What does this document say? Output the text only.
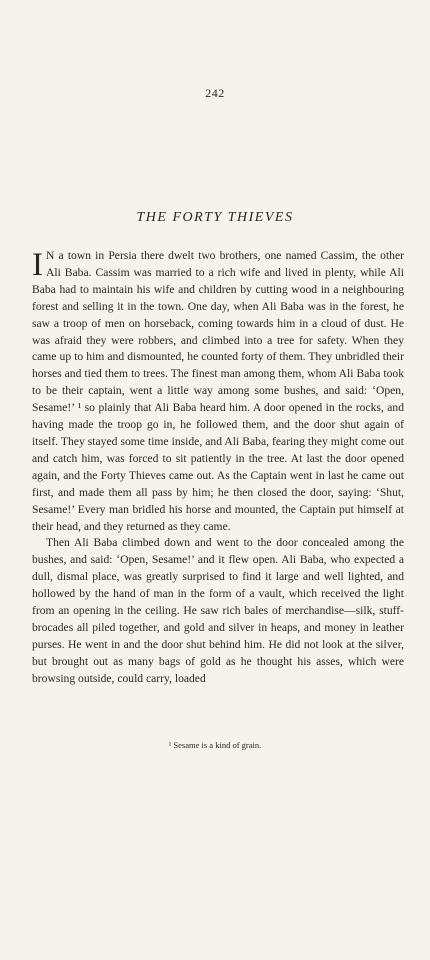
242
THE FORTY THIEVES

I N a town in Persia there dwelt two brothers, one named Cassim, the other Ali Baba. Cassim was married to a rich wife and lived in plenty, while Ali Baba had to maintain his wife and children by cutting wood in a neighbouring forest and selling it in the town. One day, when Ali Baba was in the forest, he saw a troop of men on horseback, coming towards him in a cloud of dust. He was afraid they were robbers, and climbed into a tree for safety. When they came up to him and dismounted, he counted forty of them. They unbridled their horses and tied them to trees. The finest man among them, whom Ali Baba took to be their captain, went a little way among some bushes, and said: ‘Open, Sesame!’ ¹ so plainly that Ali Baba heard him. A door opened in the rocks, and having made the troop go in, he followed them, and the door shut again of itself. They stayed some time inside, and Ali Baba, fearing they might come out and catch him, was forced to sit patiently in the tree. At last the door opened again, and the Forty Thieves came out. As the Captain went in last he came out first, and made them all pass by him; he then closed the door, saying: ‘Shut, Sesame!’ Every man bridled his horse and mounted, the Captain put himself at their head, and they returned as they came.

Then Ali Baba climbed down and went to the door concealed among the bushes, and said: ‘Open, Sesame!’ and it flew open. Ali Baba, who expected a dull, dismal place, was greatly surprised to find it large and well lighted, and hollowed by the hand of man in the form of a vault, which received the light from an opening in the ceiling. He saw rich bales of merchandise—silk, stuff-brocades all piled together, and gold and silver in heaps, and money in leather purses. He went in and the door shut behind him. He did not look at the silver, but brought out as many bags of gold as he thought his asses, which were browsing outside, could carry, loaded

¹ Sesame is a kind of grain.
